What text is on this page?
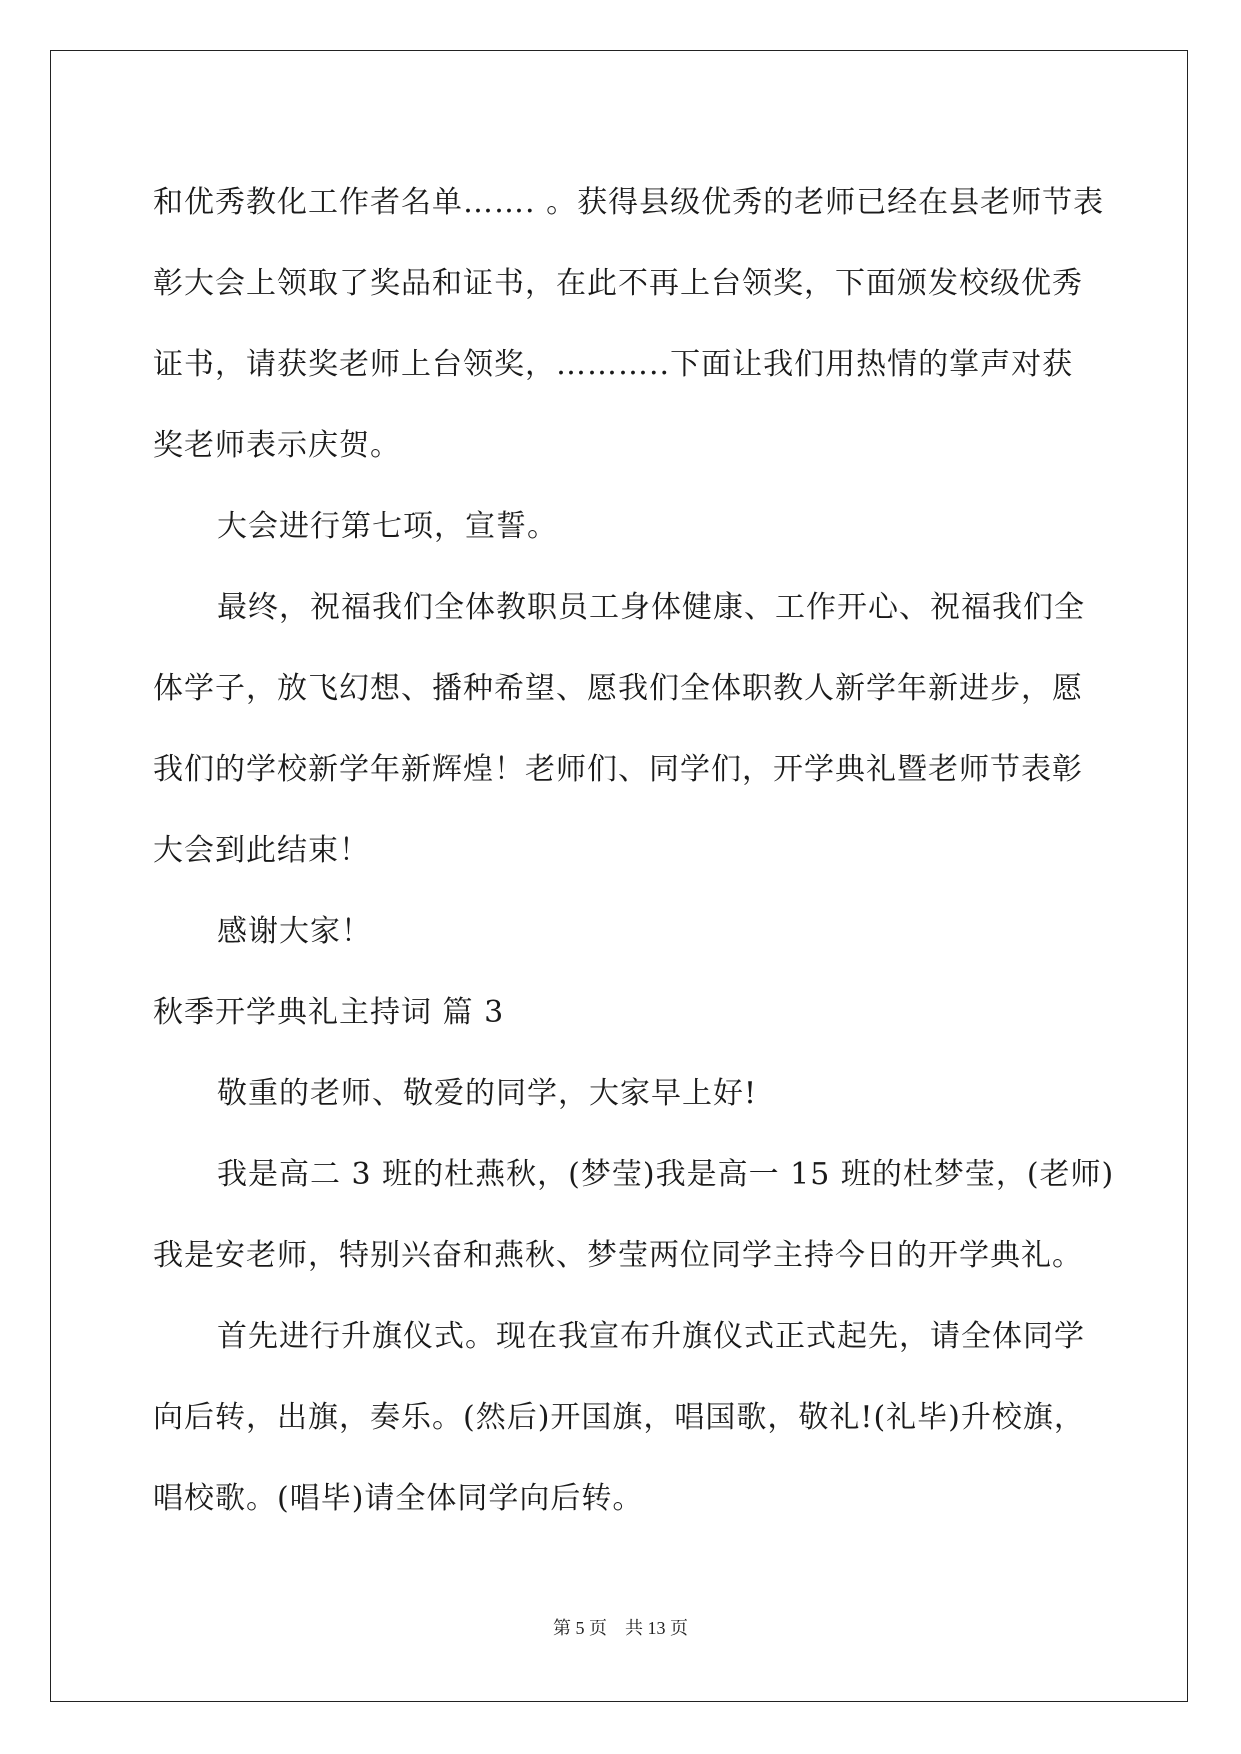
和优秀教化工作者名单……. 。获得县级优秀的老师已经在县老师节表
彰大会上领取了奖品和证书，在此不再上台领奖，下面颁发校级优秀
证书，请获奖老师上台领奖，………..下面让我们用热情的掌声对获
奖老师表示庆贺。
大会进行第七项，宣誓。
最终，祝福我们全体教职员工身体健康、工作开心、祝福我们全
体学子，放飞幻想、播种希望、愿我们全体职教人新学年新进步，愿
我们的学校新学年新辉煌！老师们、同学们，开学典礼暨老师节表彰
大会到此结束！
感谢大家！
秋季开学典礼主持词 篇 3
敬重的老师、敬爱的同学，大家早上好!
我是高二 3 班的杜燕秋，(梦莹)我是高一 15 班的杜梦莹，(老师)
我是安老师，特别兴奋和燕秋、梦莹两位同学主持今日的开学典礼。
首先进行升旗仪式。现在我宣布升旗仪式正式起先，请全体同学
向后转，出旗，奏乐。(然后)开国旗，唱国歌，敬礼!(礼毕)升校旗，
唱校歌。(唱毕)请全体同学向后转。
第 5 页 共 13 页
